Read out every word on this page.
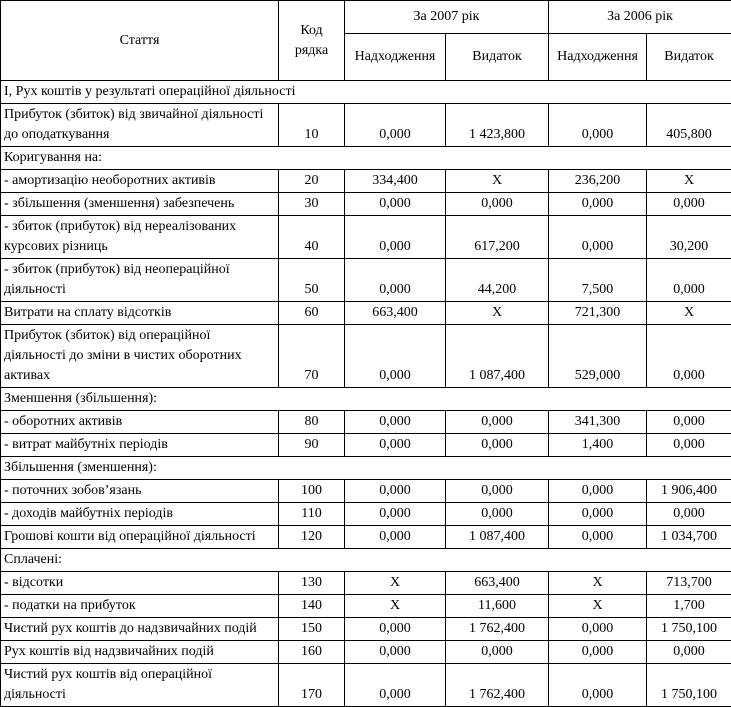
Стаття	Код рядка	За 2007 рік		За 2006 рік	
		Надходження	Видаток	Надходження	Видаток
I, Рух коштів у результаті операційної діяльності					
Прибуток (збиток) від звичайної діяльності до оподаткування	10	0,000	1 423,800	0,000	405,800
Коригування на:					
- амортизацію необоротних активів	20	334,400	Х	236,200	Х
- збільшення (зменшення) забезпечень	30	0,000	0,000	0,000	0,000
- збиток (прибуток) від нереалізованих курсових різниць	40	0,000	617,200	0,000	30,200
- збиток (прибуток) від неопераційної діяльності	50	0,000	44,200	7,500	0,000
Витрати на сплату відсотків	60	663,400	Х	721,300	Х
Прибуток (збиток) від операційної діяльності до зміни в чистих оборотних активах	70	0,000	1 087,400	529,000	0,000
Зменшення (збільшення):					
- оборотних активів	80	0,000	0,000	341,300	0,000
- витрат майбутніх періодів	90	0,000	0,000	1,400	0,000
Збільшення (зменшення):					
- поточних зобов’язань	100	0,000	0,000	0,000	1 906,400
- доходів майбутніх періодів	110	0,000	0,000	0,000	0,000
Грошові кошти від операційної діяльності	120	0,000	1 087,400	0,000	1 034,700
Сплачені:					
- відсотки	130	Х	663,400	Х	713,700
- податки на прибуток	140	Х	11,600	Х	1,700
Чистий рух коштів до надзвичайних подій	150	0,000	1 762,400	0,000	1 750,100
Рух коштів від надзвичайних подій	160	0,000	0,000	0,000	0,000
Чистий рух коштів від операційної діяльності	170	0,000	1 762,400	0,000	1 750,100
